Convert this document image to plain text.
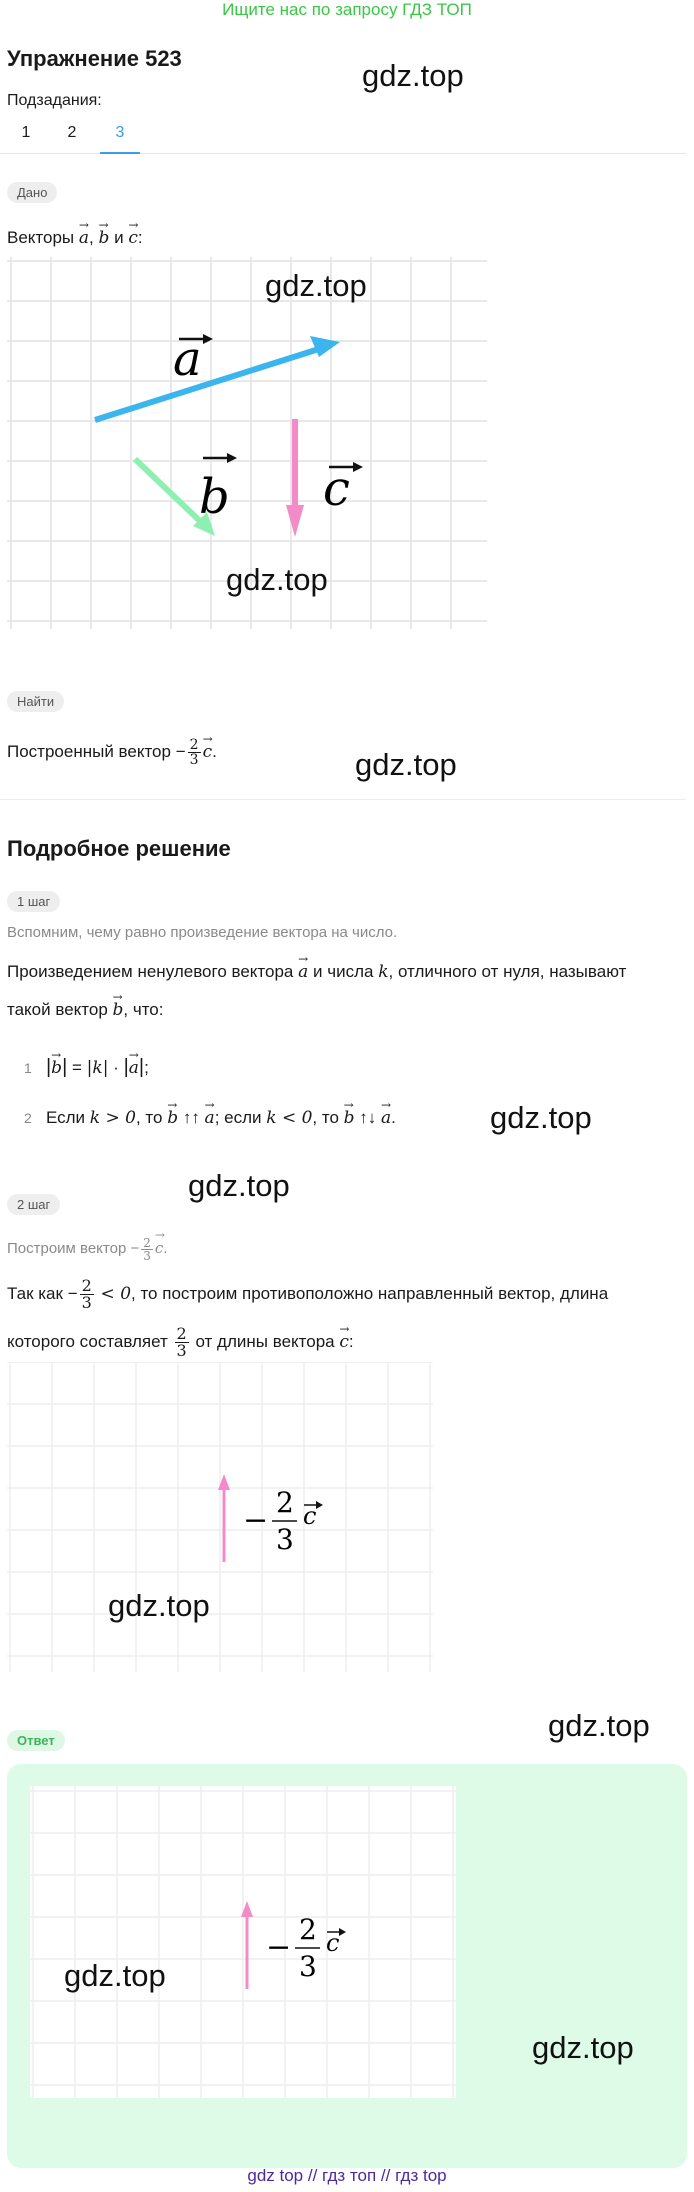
Ищите нас по запросу ГДЗ ТОП
Упражнение 523	gdz.top
Подзадания:
1	2	3
Дано
Векторы → a, → b и → c:
a
b c
gdz.top
gdz.top
Найти
Построенный вектор − $\frac{2}{3}$
→ c.	gdz.top
Подробное решение
1 шаг
Вспомним, чему равно произведение вектора на число.
Произведением ненулевого вектора → a и числа k, отличного от нуля, называют
такой вектор → b, что:
1 |→ b| = |k| · |→ a|;
2 Если k > 0, то → b ↑↑ → a; если k < 0, то → b ↑↓ → a.	gdz.top
gdz.top
2 шаг
Построим вектор − $\frac{2}{3}$
→ c.
Так как − $\frac{2}{3} < 0$, то построим противоположно направленный вектор, длина
которого составляет $\frac{2}{3}$ от длины вектора → c:
−
2
3
c
gdz.top
Ответ	gdz.top
−
2
3
c
gdz.top
gdz.top
gdz top // гдз топ // гдз top
